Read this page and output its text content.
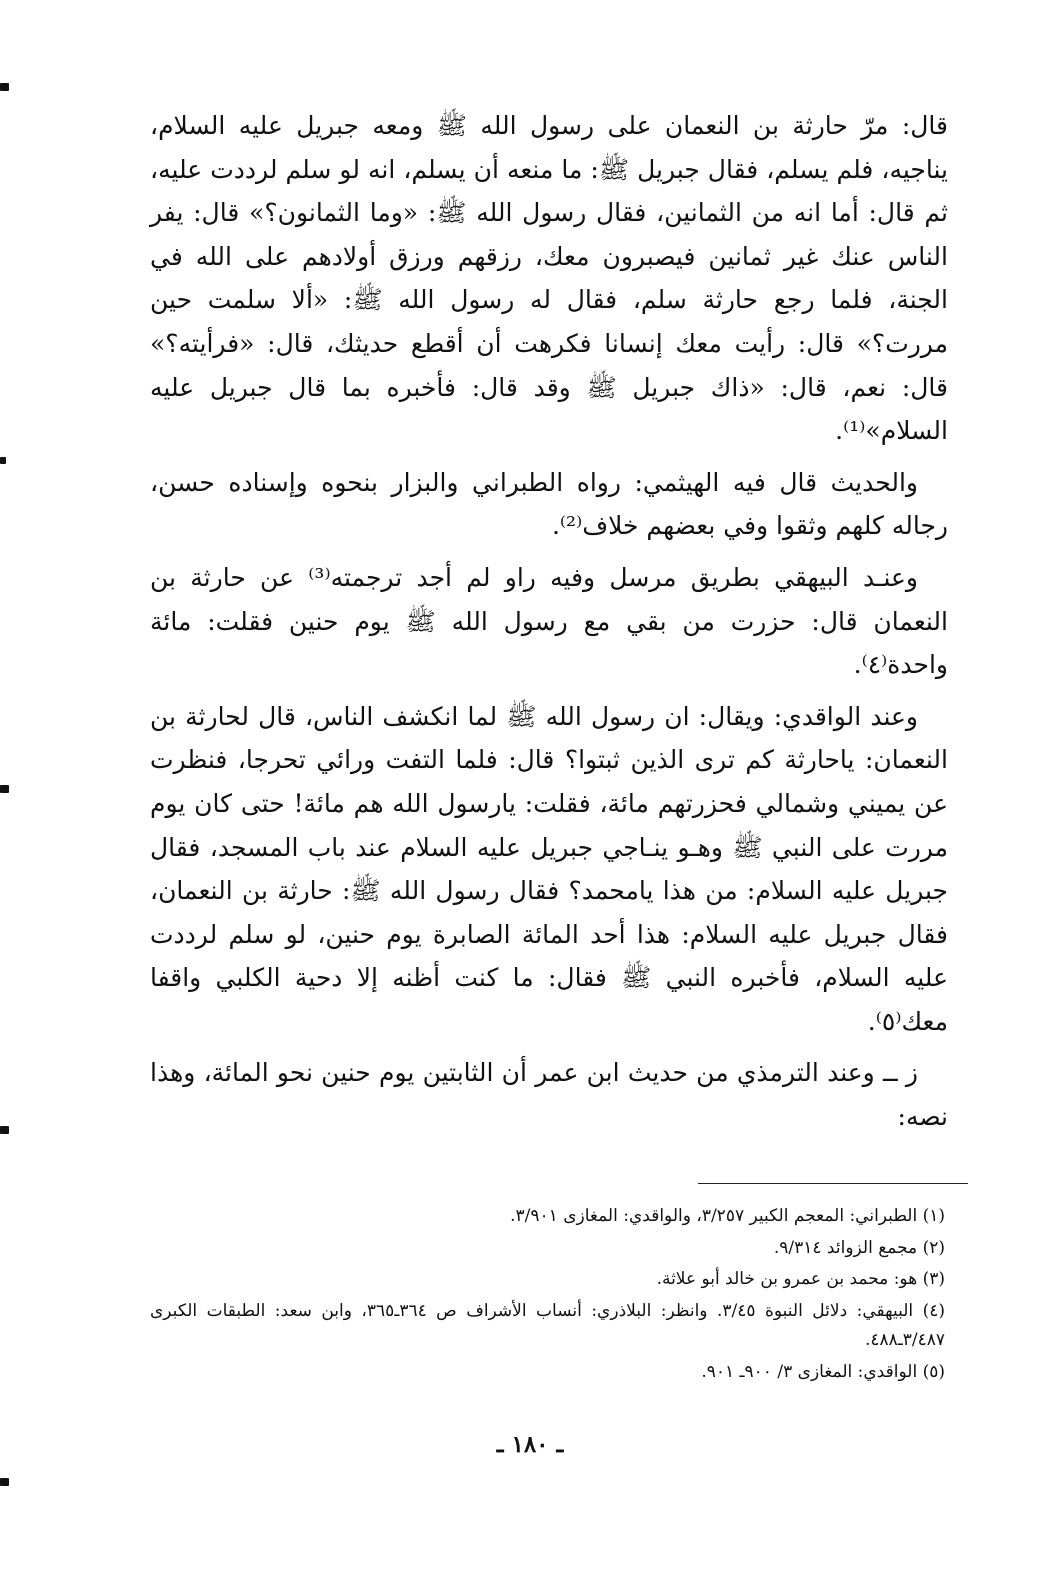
قال: مرّ حارثة بن النعمان على رسول الله ﷺ ومعه جبريل عليه السلام، يناجيه، فلم يسلم، فقال جبريل ﷺ: ما منعه أن يسلم، انه لو سلم لرددت عليه، ثم قال: أما انه من الثمانين، فقال رسول الله ﷺ: «وما الثمانون؟» قال: يفر الناس عنك غير ثمانين فيصبرون معك، رزقهم ورزق أولادهم على الله في الجنة، فلما رجع حارثة سلم، فقال له رسول الله ﷺ: «ألا سلمت حين مررت؟» قال: رأيت معك إنسانا فكرهت أن أقطع حديثك، قال: «فرأيته؟» قال: نعم، قال: «ذاك جبريل ﷺ وقد قال: فأخبره بما قال جبريل عليه السلام»⁽¹⁾.

والحديث قال فيه الهيثمي: رواه الطبراني والبزار بنحوه وإسناده حسن، رجاله كلهم وثقوا وفي بعضهم خلاف⁽²⁾.

وعنـد البيهقي بطريق مرسل وفيه راو لم أجد ترجمته⁽³⁾ عن حارثة بن النعمان قال: حزرت من بقي مع رسول الله ﷺ يوم حنين فقلت: مائة واحدة⁽٤⁾.

وعند الواقدي: ويقال: ان رسول الله ﷺ لما انكشف الناس، قال لحارثة بن النعمان: ياحارثة كم ترى الذين ثبتوا؟ قال: فلما التفت ورائي تحرجا، فنظرت عن يميني وشمالي فحزرتهم مائة، فقلت: يارسول الله هم مائة! حتى كان يوم مررت على النبي ﷺ وهـو ينـاجي جبريل عليه السلام عند باب المسجد، فقال جبريل عليه السلام: من هذا يامحمد؟ فقال رسول الله ﷺ: حارثة بن النعمان، فقال جبريل عليه السلام: هذا أحد المائة الصابرة يوم حنين، لو سلم لرددت عليه السلام، فأخبره النبي ﷺ فقال: ما كنت أظنه إلا دحية الكلبي واقفا معك⁽٥⁾.

ز ــ وعند الترمذي من حديث ابن عمر أن الثابتين يوم حنين نحو المائة، وهذا نصه:

(١) الطبراني: المعجم الكبير ٣/٢٥٧، والواقدي: المغازى ٣/٩٠١.

(٢) مجمع الزوائد ٩/٣١٤.

(٣) هو: محمد بن عمرو بن خالد أبو علاثة.

(٤) البيهقي: دلائل النبوة ٣/٤٥. وانظر: البلاذري: أنساب الأشراف ص ٣٦٤ـ٣٦٥، وابن سعد: الطبقات الكبرى ٣/٤٨٧ـ٤٨٨.

(٥) الواقدي: المغازى ٣/ ٩٠٠ـ ٩٠١.

ـ ١٨٠ ـ
